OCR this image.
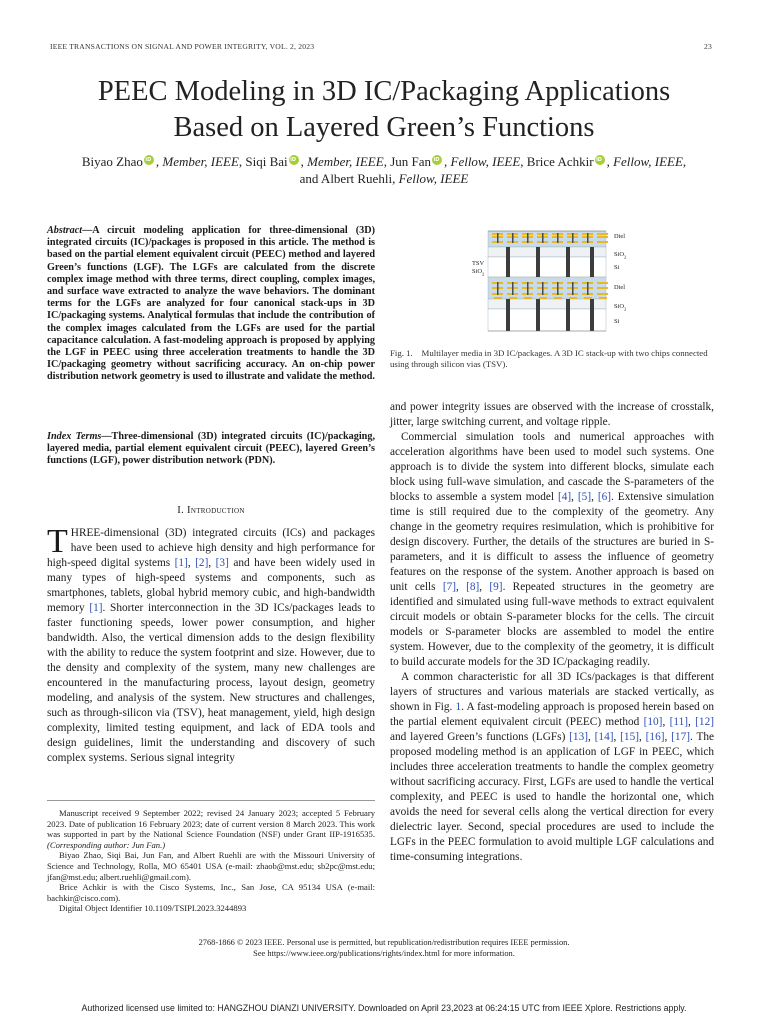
IEEE TRANSACTIONS ON SIGNAL AND POWER INTEGRITY, VOL. 2, 2023	23
PEEC Modeling in 3D IC/Packaging Applications
Based on Layered Green’s Functions
Biyao Zhao iD , Member, IEEE, Siqi Bai iD , Member, IEEE, Jun Fan iD , Fellow, IEEE, Brice Achkir iD , Fellow, IEEE,
and Albert Ruehli, Fellow, IEEE
Abstract—A circuit modeling application for three-dimensional (3D) integrated circuits (IC)/packages is proposed in this article. The method is based on the partial element equivalent circuit (PEEC) method and layered Green’s functions (LGF). The LGFs are calculated from the discrete complex image method with three terms, direct coupling, complex images, and surface wave extracted to analyze the wave behaviors. The dominant terms for the LGFs are analyzed for four canonical stack-ups in 3D IC/packaging systems. Analytical formulas that include the contribution of the complex images calculated from the LGFs are used for the partial capacitance calculation. A fast-modeling approach is proposed by applying the LGF in PEEC using three acceleration treatments to handle the 3D IC/packaging geometry without sacrificing accuracy. An on-chip power distribution network geometry is used to illustrate and validate the method.
Index Terms—Three-dimensional (3D) integrated circuits (IC)/packaging, layered media, partial element equivalent circuit (PEEC), layered Green’s functions (LGF), power distribution network (PDN).
I. Introduction
THREE-dimensional (3D) integrated circuits (ICs) and packages have been used to achieve high density and high performance for high-speed digital systems [1], [2], [3] and have been widely used in many types of high-speed systems and components, such as smartphones, tablets, global hybrid memory cubic, and high-bandwidth memory [1]. Shorter interconnection in the 3D ICs/packages leads to faster functioning speeds, lower power consumption, and higher bandwidth. Also, the vertical dimension adds to the design flexibility with the ability to reduce the system footprint and size. However, due to the density and complexity of the system, many new challenges are encountered in the manufacturing process, layout design, geometry modeling, and analysis of the system. New structures and challenges, such as through-silicon via (TSV), heat management, yield, high design complexity, limited testing equipment, and lack of EDA tools and design guidelines, limit the understanding and discovery of such complex systems. Serious signal integrity

Manuscript received 9 September 2022; revised 24 January 2023; accepted 5 February 2023. Date of publication 16 February 2023; date of current version 8 March 2023. This work was supported in part by the National Science Foundation (NSF) under Grant IIP-1916535. (Corresponding author: Jun Fan.)

Biyao Zhao, Siqi Bai, Jun Fan, and Albert Ruehli are with the Missouri University of Science and Technology, Rolla, MO 65401 USA (e-mail: zhaob@mst.edu; sb2pc@mst.edu; jfan@mst.edu; albert.ruehli@gmail.com).

Brice Achkir is with the Cisco Systems, Inc., San Jose, CA 95134 USA (e-mail: bachkir@cisco.com).

Digital Object Identifier 10.1109/TSIPI.2023.3244893

Diel
SiO$_2$
Si
Diel
SiO$_2$
Si
TSV
SiO$_2$
Fig. 1. Multilayer media in 3D IC/packages. A 3D IC stack-up with two chips connected using through silicon vias (TSV).

and power integrity issues are observed with the increase of crosstalk, jitter, large switching current, and voltage ripple.

Commercial simulation tools and numerical approaches with acceleration algorithms have been used to model such systems. One approach is to divide the system into different blocks, simulate each block using full-wave simulation, and cascade the S-parameters of the blocks to assemble a system model [4], [5], [6]. Extensive simulation time is still required due to the complexity of the geometry. Any change in the geometry requires resimulation, which is prohibitive for design discovery. Further, the details of the structures are buried in S-parameters, and it is difficult to assess the influence of geometry features on the response of the system. Another approach is based on unit cells [7], [8], [9]. Repeated structures in the geometry are identified and simulated using full-wave methods to extract equivalent circuit models or obtain S-parameter blocks for the cells. The circuit models or S-parameter blocks are assembled to model the entire system. However, due to the complexity of the geometry, it is difficult to build accurate models for the 3D IC/packaging readily.

A common characteristic for all 3D ICs/packages is that different layers of structures and various materials are stacked vertically, as shown in Fig. 1. A fast-modeling approach is proposed herein based on the partial element equivalent circuit (PEEC) method [10], [11], [12] and layered Green’s functions (LGFs) [13], [14], [15], [16], [17]. The proposed modeling method is an application of LGF in PEEC, which includes three acceleration treatments to handle the complex geometry without sacrificing accuracy. First, LGFs are used to handle the vertical complexity, and PEEC is used to handle the horizontal one, which avoids the need for several cells along the vertical direction for every dielectric layer. Second, special procedures are used to include the LGFs in the PEEC formulation to avoid multiple LGF calculations and time-consuming integrations.

2768-1866 © 2023 IEEE. Personal use is permitted, but republication/redistribution requires IEEE permission.
See https://www.ieee.org/publications/rights/index.html for more information.
Authorized licensed use limited to: HANGZHOU DIANZI UNIVERSITY. Downloaded on April 23,2023 at 06:24:15 UTC from IEEE Xplore. Restrictions apply.
